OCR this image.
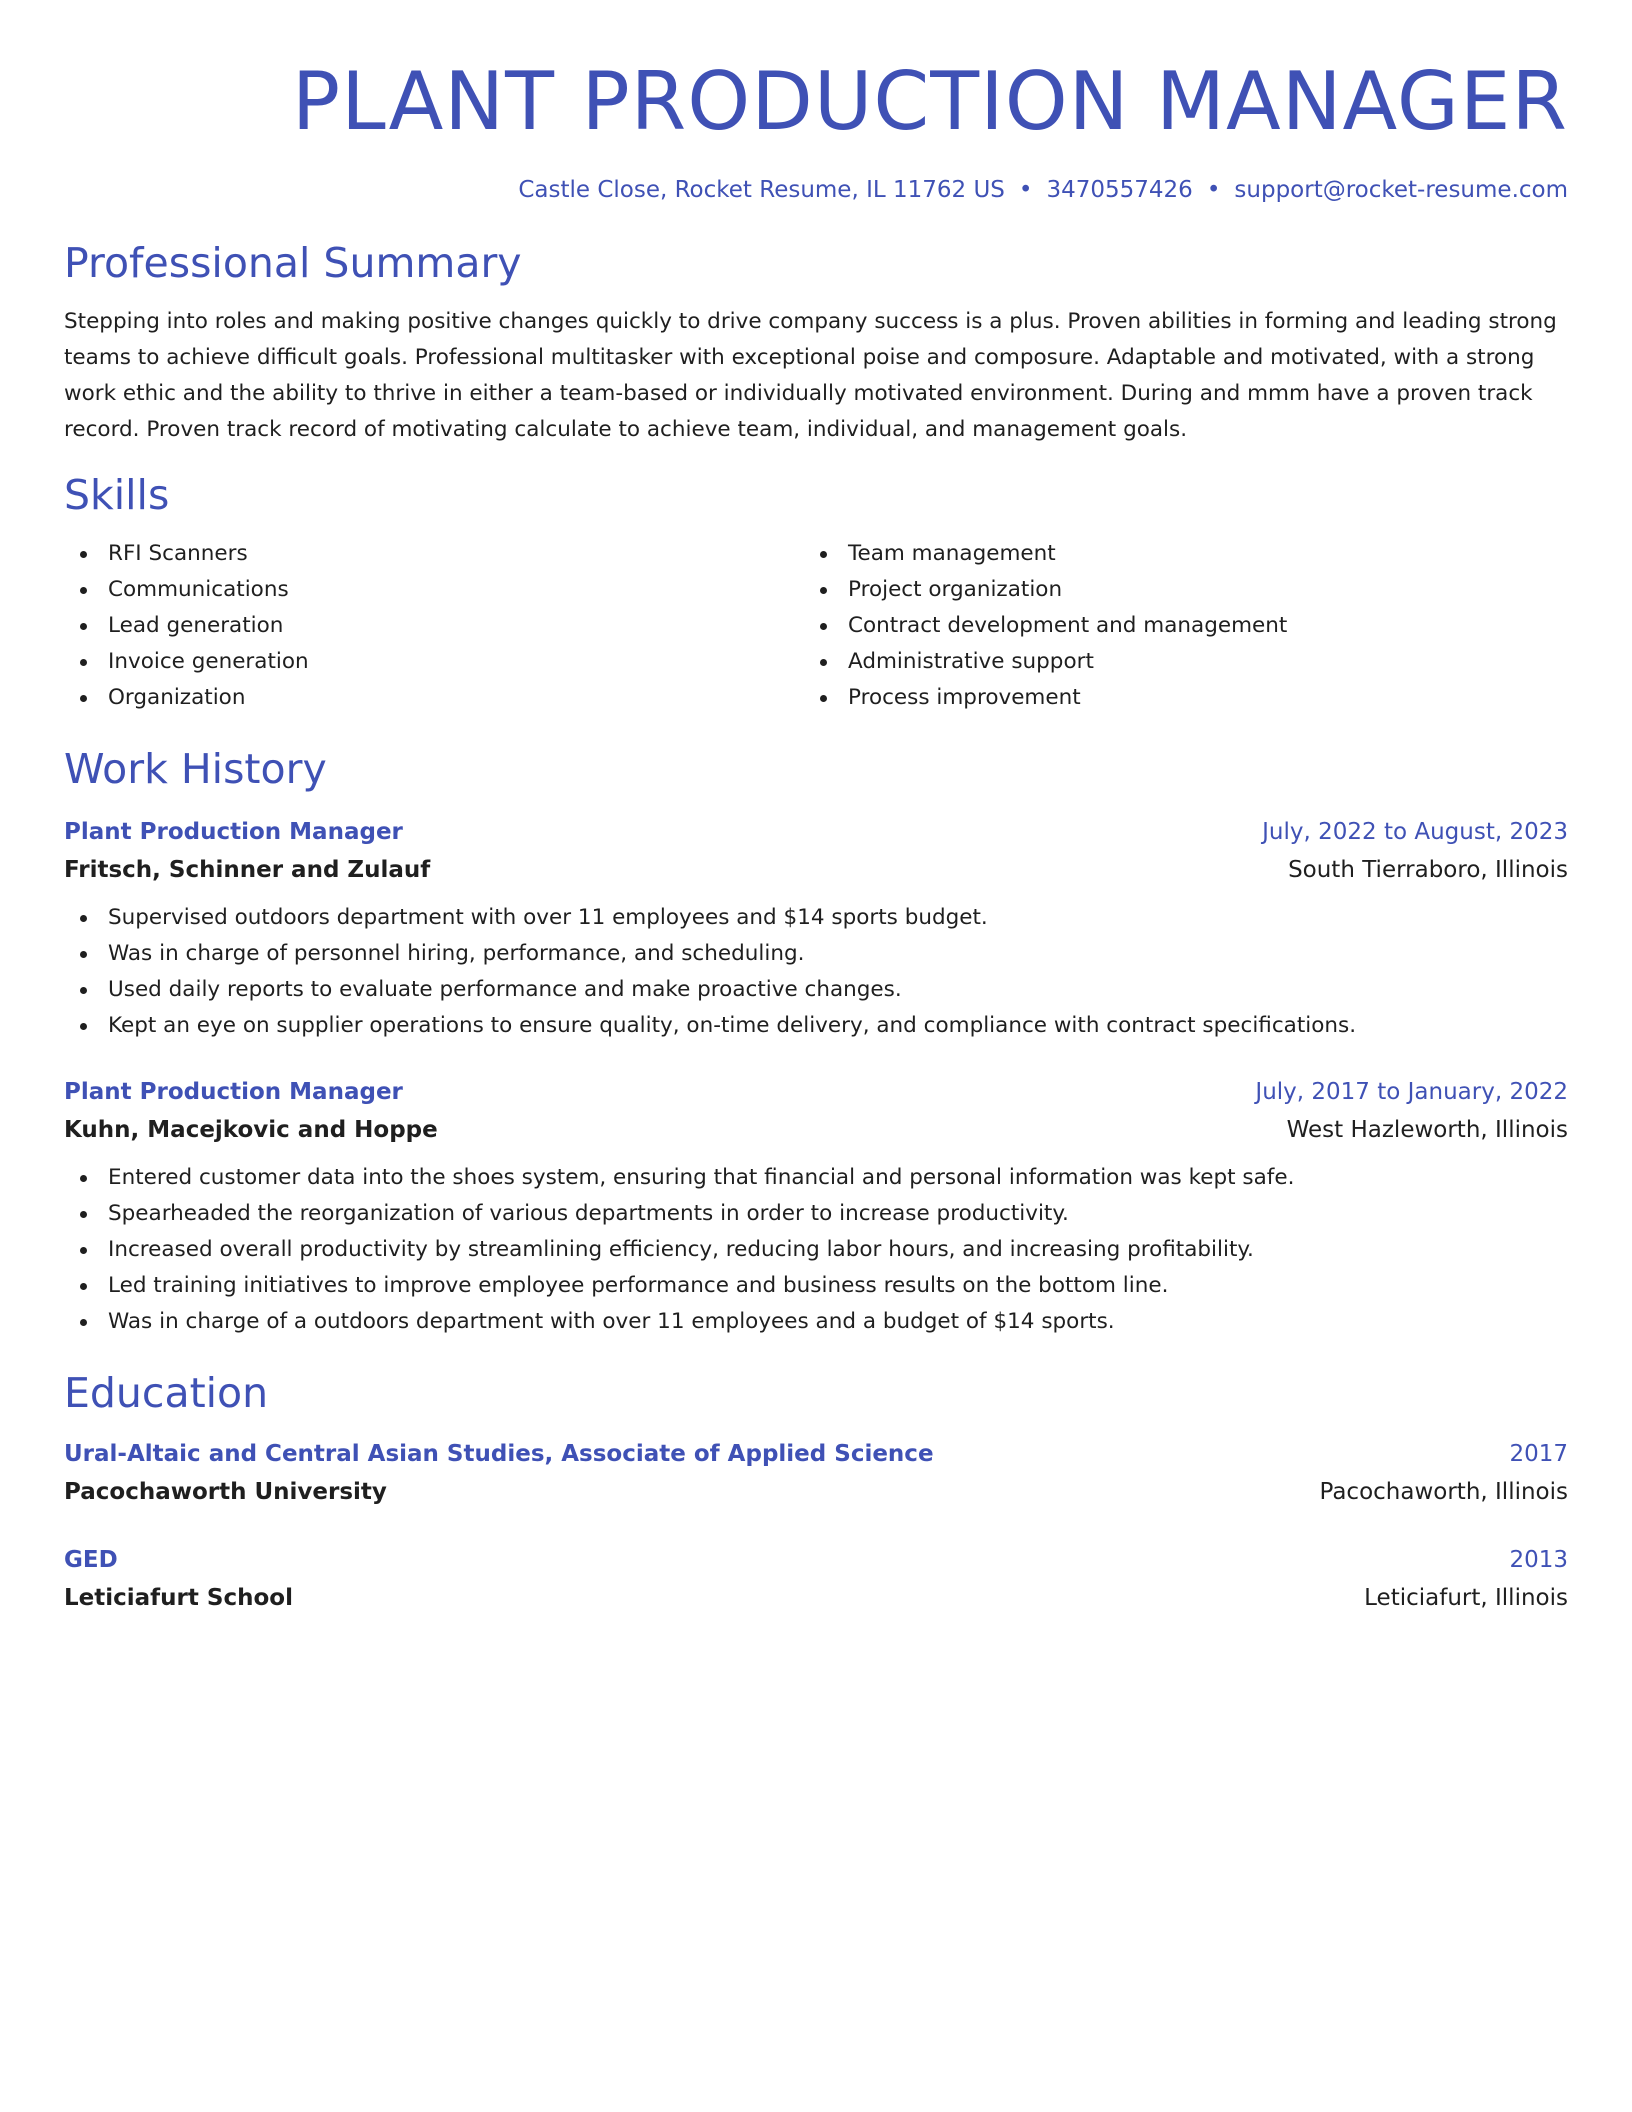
PLANT PRODUCTION MANAGER
Castle Close, Rocket Resume, IL 11762 US • 3470557426 • support@rocket-resume.com
Professional Summary

Stepping into roles and making positive changes quickly to drive company success is a plus. Proven abilities in forming and leading strong teams to achieve difficult goals. Professional multitasker with exceptional poise and composure. Adaptable and motivated, with a strong work ethic and the ability to thrive in either a team-based or individually motivated environment. During and mmm have a proven track record. Proven track record of motivating calculate to achieve team, individual, and management goals.

Skills
RFI Scanners
Communications
Lead generation
Invoice generation
Organization
Team management
Project organization
Contract development and management
Administrative support
Process improvement
Work History
Plant Production Manager	July, 2022 to August, 2023
Fritsch, Schinner and Zulauf	South Tierraboro, Illinois
Supervised outdoors department with over 11 employees and $14 sports budget.
Was in charge of personnel hiring, performance, and scheduling.
Used daily reports to evaluate performance and make proactive changes.
Kept an eye on supplier operations to ensure quality, on-time delivery, and compliance with contract specifications.
Plant Production Manager	July, 2017 to January, 2022
Kuhn, Macejkovic and Hoppe	West Hazleworth, Illinois
Entered customer data into the shoes system, ensuring that financial and personal information was kept safe.
Spearheaded the reorganization of various departments in order to increase productivity.
Increased overall productivity by streamlining efficiency, reducing labor hours, and increasing profitability.
Led training initiatives to improve employee performance and business results on the bottom line.
Was in charge of a outdoors department with over 11 employees and a budget of $14 sports.
Education
Ural-Altaic and Central Asian Studies, Associate of Applied Science	2017
Pacochaworth University	Pacochaworth, Illinois
GED	2013
Leticiafurt School	Leticiafurt, Illinois
